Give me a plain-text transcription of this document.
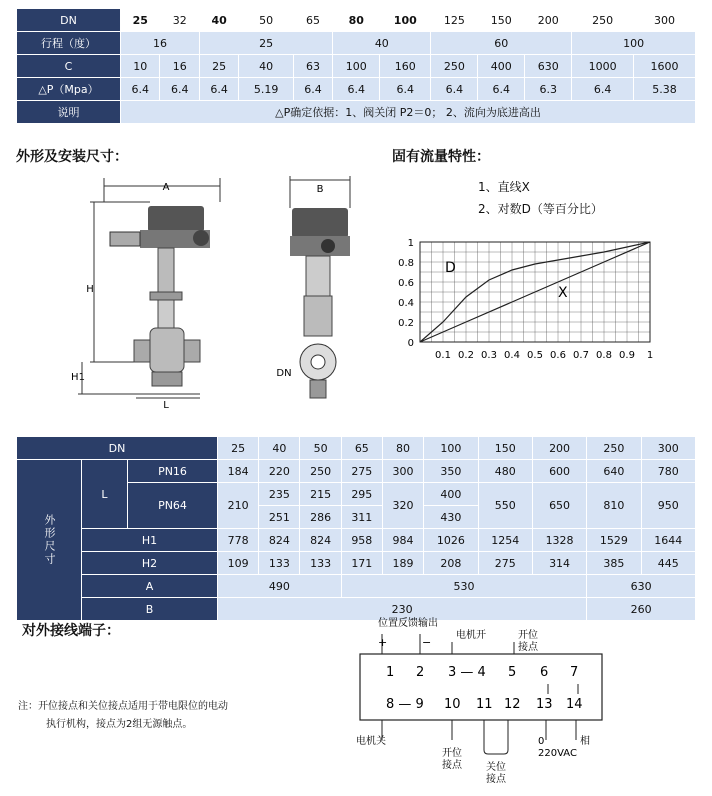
DN	25	32	40	50	65	80	100	125	150	200	250	300
行程（度）	16		25			40		60			100	
C	10	16	25	40	63	100	160	250	400	630	1000	1600
△P（Mpa）	6.4	6.4	6.4	5.19	6.4	6.4	6.4	6.4	6.4	6.3	6.4	5.38
说明	△P确定依据：1、阀关闭 P2＝0； 2、流向为底进高出											
外形及安装尺寸：	固有流量特性：
A
H
H1
L
B
DN
1、直线X
2、对数D（等百分比）
0
0.2
0.4
0.6
0.8
1
0.1 0.2 0.3 0.4 0.5 0.6 0.7 0.8 0.9 1
D
X
DN			25	40	50	65	80	100	150	200	250	300
外形尺寸	L	PN16	184	220	250	275	300	350	480	600	640	780
		PN64	210	235	215	295	320	400	550	650	810	950
				251	286	311		430				
	H1		778	824	824	958	984	1026	1254	1328	1529	1644
	H2		109	133	133	171	189	208	275	314	385	445
	A		490			530					630	
	B		230								260	
对外接线端子：
注：开位接点和关位接点适用于带电限位的电动
执行机构，接点为2组无源触点。
位置反馈输出
+	−
电机开	开位
接点
1 2 3 — 4 5 6 7
8 — 9 10 11 12 13 14
电机关
开位
接点 关位
接点
0	相
220VAC
